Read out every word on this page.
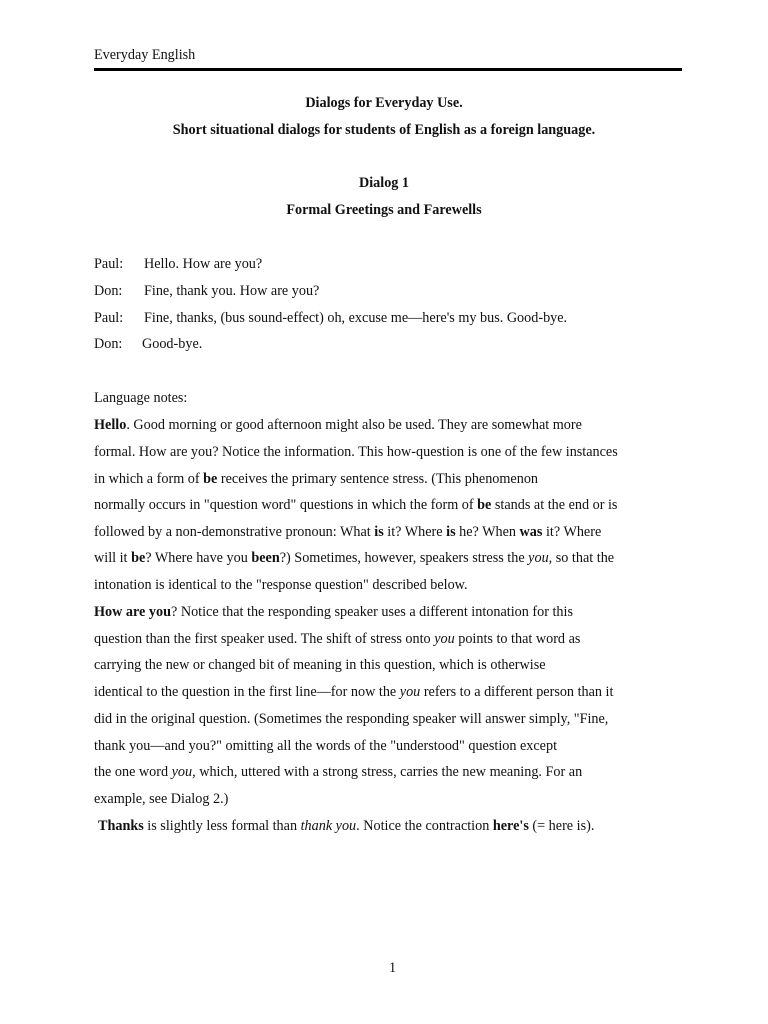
Everyday English
Dialogs for Everyday Use.
Short situational dialogs for students of English as a foreign language.
Dialog 1
Formal Greetings and Farewells
Paul: Hello. How are you?
Don: Fine, thank you. How are you?
Paul: Fine, thanks, (bus sound-effect) oh, excuse me—here's my bus. Good-bye.
Don: Good-bye.
Language notes:
Hello. Good morning or good afternoon might also be used. They are somewhat more
formal. How are you? Notice the information. This how-question is one of the few instances
in which a form of be receives the primary sentence stress. (This phenomenon
normally occurs in "question word" questions in which the form of be stands at the end or is
followed by a non-demonstrative pronoun: What is it? Where is he? When was it? Where
will it be? Where have you been?) Sometimes, however, speakers stress the you, so that the
intonation is identical to the "response question" described below.
How are you? Notice that the responding speaker uses a different intonation for this
question than the first speaker used. The shift of stress onto you points to that word as
carrying the new or changed bit of meaning in this question, which is otherwise
identical to the question in the first line—for now the you refers to a different person than it
did in the original question. (Sometimes the responding speaker will answer simply, "Fine,
thank you—and you?" omitting all the words of the "understood" question except
the one word you, which, uttered with a strong stress, carries the new meaning. For an
example, see Dialog 2.)
Thanks is slightly less formal than thank you. Notice the contraction here's (= here is).
1
